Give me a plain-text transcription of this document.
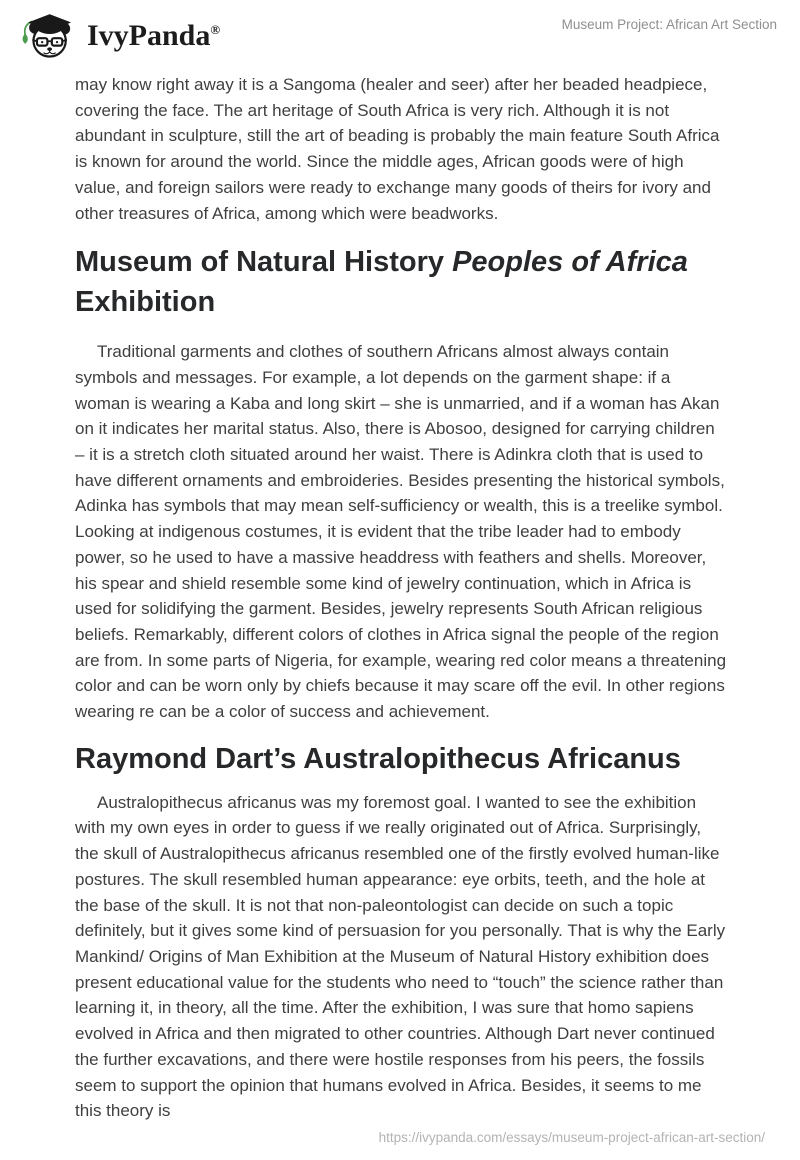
IvyPanda®	Museum Project: African Art Section

may know right away it is a Sangoma (healer and seer) after her beaded headpiece, covering the face. The art heritage of South Africa is very rich. Although it is not abundant in sculpture, still the art of beading is probably the main feature South Africa is known for around the world. Since the middle ages, African goods were of high value, and foreign sailors were ready to exchange many goods of theirs for ivory and other treasures of Africa, among which were beadworks.

Museum of Natural History Peoples of Africa Exhibition

Traditional garments and clothes of southern Africans almost always contain symbols and messages. For example, a lot depends on the garment shape: if a woman is wearing a Kaba and long skirt – she is unmarried, and if a woman has Akan on it indicates her marital status. Also, there is Abosoo, designed for carrying children – it is a stretch cloth situated around her waist. There is Adinkra cloth that is used to have different ornaments and embroideries. Besides presenting the historical symbols, Adinka has symbols that may mean self-sufficiency or wealth, this is a treelike symbol. Looking at indigenous costumes, it is evident that the tribe leader had to embody power, so he used to have a massive headdress with feathers and shells. Moreover, his spear and shield resemble some kind of jewelry continuation, which in Africa is used for solidifying the garment. Besides, jewelry represents South African religious beliefs. Remarkably, different colors of clothes in Africa signal the people of the region are from. In some parts of Nigeria, for example, wearing red color means a threatening color and can be worn only by chiefs because it may scare off the evil. In other regions wearing re can be a color of success and achievement.

Raymond Dart’s Australopithecus Africanus

Australopithecus africanus was my foremost goal. I wanted to see the exhibition with my own eyes in order to guess if we really originated out of Africa. Surprisingly, the skull of Australopithecus africanus resembled one of the firstly evolved human-like postures. The skull resembled human appearance: eye orbits, teeth, and the hole at the base of the skull. It is not that non-paleontologist can decide on such a topic definitely, but it gives some kind of persuasion for you personally. That is why the Early Mankind/ Origins of Man Exhibition at the Museum of Natural History exhibition does present educational value for the students who need to “touch” the science rather than learning it, in theory, all the time. After the exhibition, I was sure that homo sapiens evolved in Africa and then migrated to other countries. Although Dart never continued the further excavations, and there were hostile responses from his peers, the fossils seem to support the opinion that humans evolved in Africa. Besides, it seems to me this theory is

https://ivypanda.com/essays/museum-project-african-art-section/
